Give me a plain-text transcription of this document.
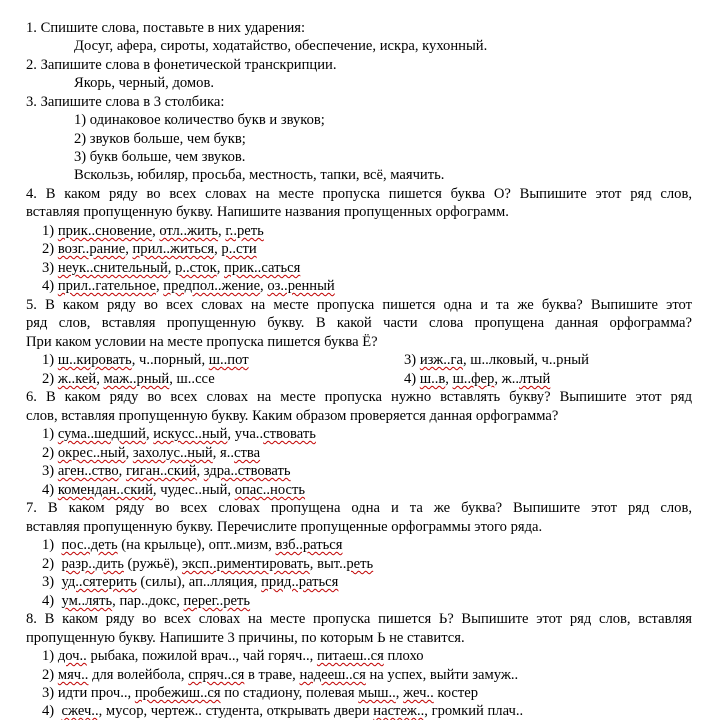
1. Спишите слова, поставьте в них ударения:
Досуг, афера, сироты, ходатайство, обеспечение, искра, кухонный.
2. Запишите слова в фонетической транскрипции.
Якорь, черный, домов.
3. Запишите слова в 3 столбика:
1) одинаковое количество букв и звуков;
2) звуков больше, чем букв;
3) букв больше, чем звуков.
Вскользь, юбиляр, просьба, местность, тапки, всё, маячить.
4. В каком ряду во всех словах на месте пропуска пишется буква О? Выпишите этот ряд слов,
вставляя пропущенную букву. Напишите названия пропущенных орфограмм.
1) прик..сновение, отл..жить, г..реть
2) возг..рание, прил..житься, р..сти
3) неук..снительный, р..сток, прик..саться
4) прил..гательное, предпол..жение, оз..ренный
5. В каком ряду во всех словах на месте пропуска пишется одна и та же буква? Выпишите этот
ряд слов, вставляя пропущенную букву. В какой части слова пропущена данная орфограмма?
При каком условии на месте пропуска пишется буква Ё?
1) ш..кировать, ч..порный, ш..пот	3) изж..га, ш..лковый, ч..рный
2) ж..кей, маж..рный, ш..ссе	4) ш..в, ш..фер, ж..лтый
6. В каком ряду во всех словах на месте пропуска нужно вставлять букву? Выпишите этот ряд
слов, вставляя пропущенную букву. Каким образом проверяется данная орфограмма?
1) сума..шедший, искусс..ный, уча..ствовать
2) окрес..ный, захолус..ный, я..ства
3) аген..ство, гиган..ский, здра..ствовать
4) комендан..ский, чудес..ный, опас..ность
7. В каком ряду во всех словах пропущена одна и та же буква? Выпишите этот ряд слов,
вставляя пропущенную букву. Перечислите пропущенные орфограммы этого ряда.
1) пос..деть (на крыльце), опт..мизм, взб..раться
2) разр..дить (ружьё), эксп..риментировать, выт..реть
3) уд..сятерить (силы), ап..лляция, прид..раться
4) ум..лять, пар..докс, перег..реть
8. В каком ряду во всех словах на месте пропуска пишется Ь? Выпишите этот ряд слов, вставляя
пропущенную букву. Напишите 3 причины, по которым Ь не ставится.
1) доч.. рыбака, пожилой врач.., чай горяч.., питаеш..ся плохо
2) мяч.. для волейбола, спряч..ся в траве, надееш..ся на успех, выйти замуж..
3) идти проч.., пробежиш..ся по стадиону, полевая мыш.., жеч.. костер
4) сжеч.., мусор, чертеж.. студента, открывать двери настеж.., громкий плач..
